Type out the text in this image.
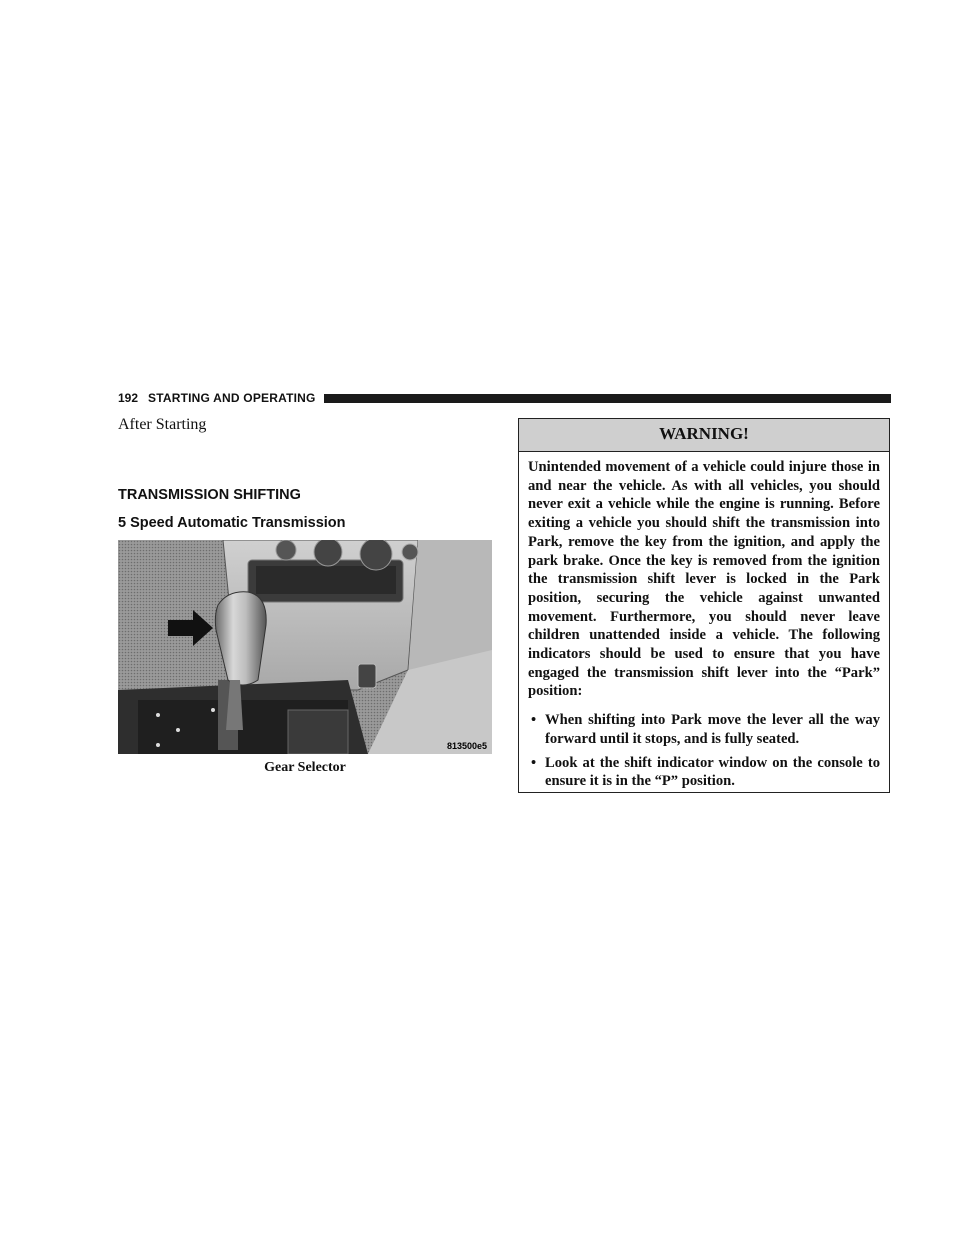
192 STARTING AND OPERATING
After Starting
TRANSMISSION SHIFTING
5 Speed Automatic Transmission
813500e5
Gear Selector
WARNING!

Unintended movement of a vehicle could injure those in and near the vehicle. As with all vehicles, you should never exit a vehicle while the engine is running. Before exiting a vehicle you should shift the transmission into Park, remove the key from the ignition, and apply the park brake. Once the key is removed from the ignition the transmission shift lever is locked in the Park position, securing the vehicle against unwanted movement. Furthermore, you should never leave children unattended inside a vehicle. The following indicators should be used to ensure that you have engaged the transmission shift lever into the “Park” position:

• When shifting into Park move the lever all the way forward until it stops, and is fully seated.
• Look at the shift indicator window on the console to ensure it is in the “P” position.
